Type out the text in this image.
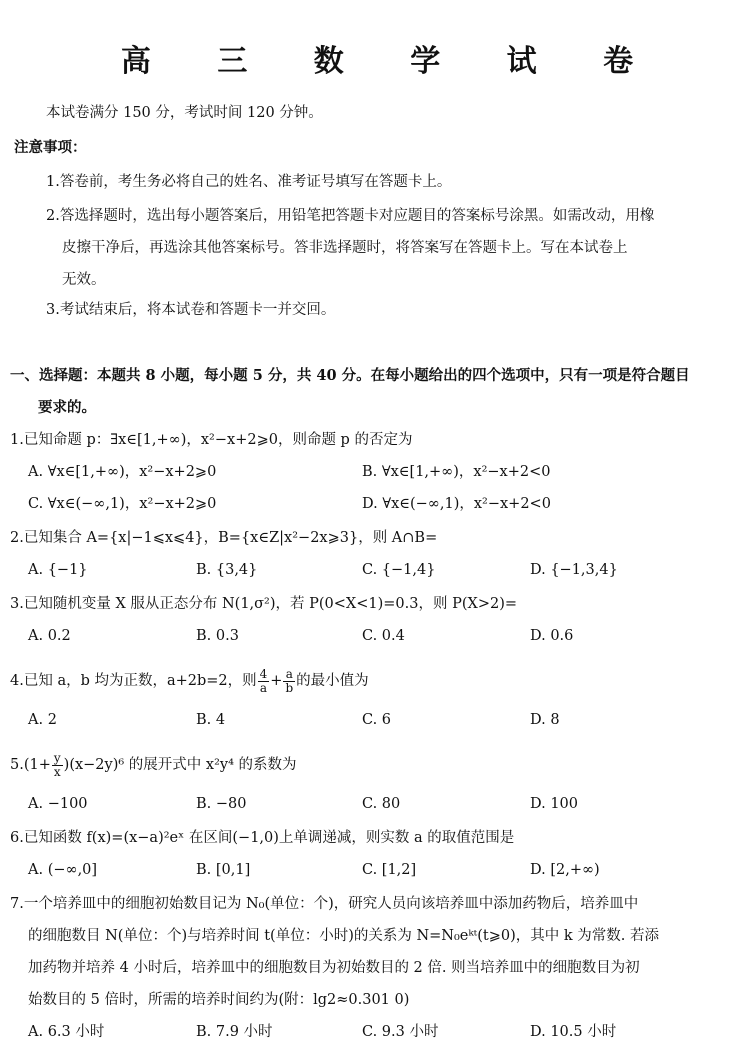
高 三 数 学 试 卷
本试卷满分 150 分，考试时间 120 分钟。
注意事项：
1.答卷前，考生务必将自己的姓名、准考证号填写在答题卡上。
2.答选择题时，选出每小题答案后，用铅笔把答题卡对应题目的答案标号涂黑。如需改动，用橡
皮擦干净后，再选涂其他答案标号。答非选择题时，将答案写在答题卡上。写在本试卷上
无效。
3.考试结束后，将本试卷和答题卡一并交回。
一、选择题：本题共 8 小题，每小题 5 分，共 40 分。在每小题给出的四个选项中，只有一项是符合题目
要求的。
1.已知命题 p：∃x∈[1,+∞)，x²−x+2⩾0，则命题 p 的否定为
A. ∀x∈[1,+∞)，x²−x+2⩾0	B. ∀x∈[1,+∞)，x²−x+2<0
C. ∀x∈(−∞,1)，x²−x+2⩾0	D. ∀x∈(−∞,1)，x²−x+2<0
2.已知集合 A={x|−1⩽x⩽4}，B={x∈Z|x²−2x⩾3}，则 A∩B=
A. {−1}	B. {3,4}	C. {−1,4}	D. {−1,3,4}
3.已知随机变量 X 服从正态分布 N(1,σ²)，若 P(0<X<1)=0.3，则 P(X>2)=
A. 0.2	B. 0.3	C. 0.4	D. 0.6
4.已知 a，b 均为正数，a+2b=2，则 $\frac{4}{a} + \frac{a}{b}$ 的最小值为
A. 2	B. 4	C. 6	D. 8
$5.(1+ \frac{y}{x} )(x-2y)^6$ 的展开式中 x²y⁴ 的系数为
A. −100	B. −80	C. 80	D. 100
6.已知函数 f(x)=(x−a)²eˣ 在区间(−1,0)上单调递减，则实数 a 的取值范围是
A. (−∞,0]	B. [0,1]	C. [1,2]	D. [2,+∞)
7.一个培养皿中的细胞初始数目记为 N₀(单位：个)，研究人员向该培养皿中添加药物后，培养皿中
的细胞数目 N(单位：个)与培养时间 t(单位：小时)的关系为 N=N₀eᵏᵗ(t⩾0)，其中 k 为常数. 若添
加药物并培养 4 小时后，培养皿中的细胞数目为初始数目的 2 倍. 则当培养皿中的细胞数目为初
始数目的 5 倍时，所需的培养时间约为(附：lg2≈0.301 0)
A. 6.3 小时	B. 7.9 小时	C. 9.3 小时	D. 10.5 小时
